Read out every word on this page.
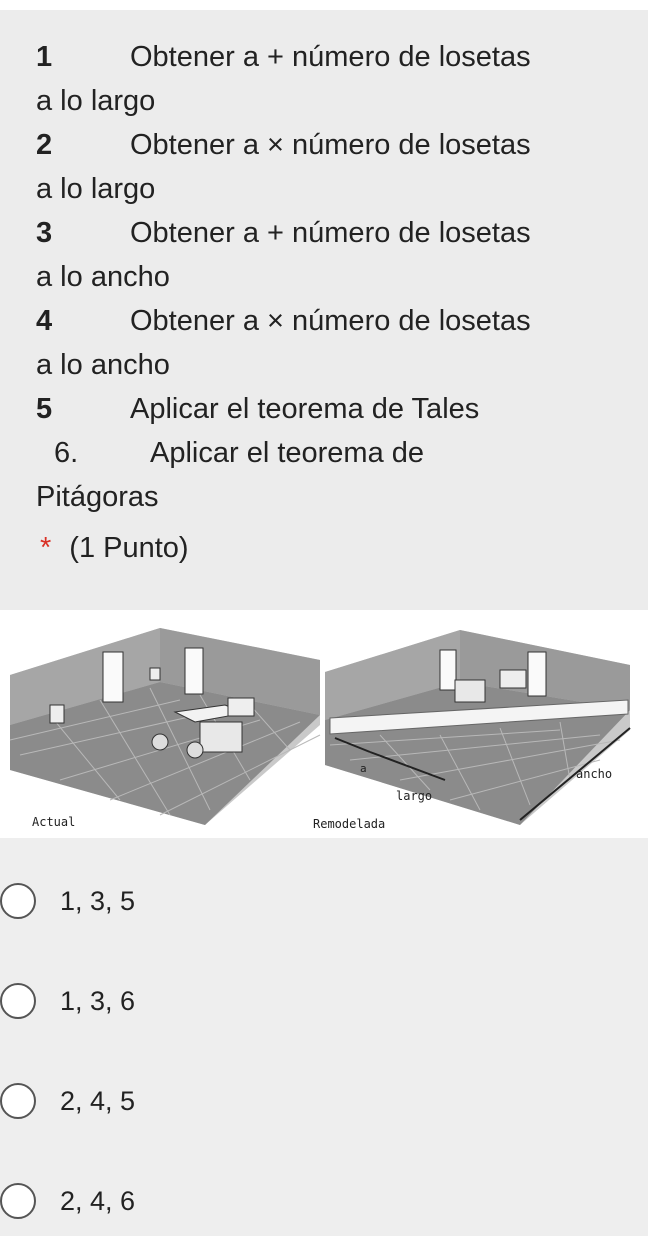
1	Obtener a + número de losetas
a lo largo
2	Obtener a × número de losetas
a lo largo
3	Obtener a + número de losetas
a lo ancho
4	Obtener a × número de losetas
a lo ancho
5	Aplicar el teorema de Tales
6. Aplicar el teorema de
Pitágoras
* (1 Punto)
Actual
a
largo
ancho
Remodelada
1, 3, 5
1, 3, 6
2, 4, 5
2, 4, 6
